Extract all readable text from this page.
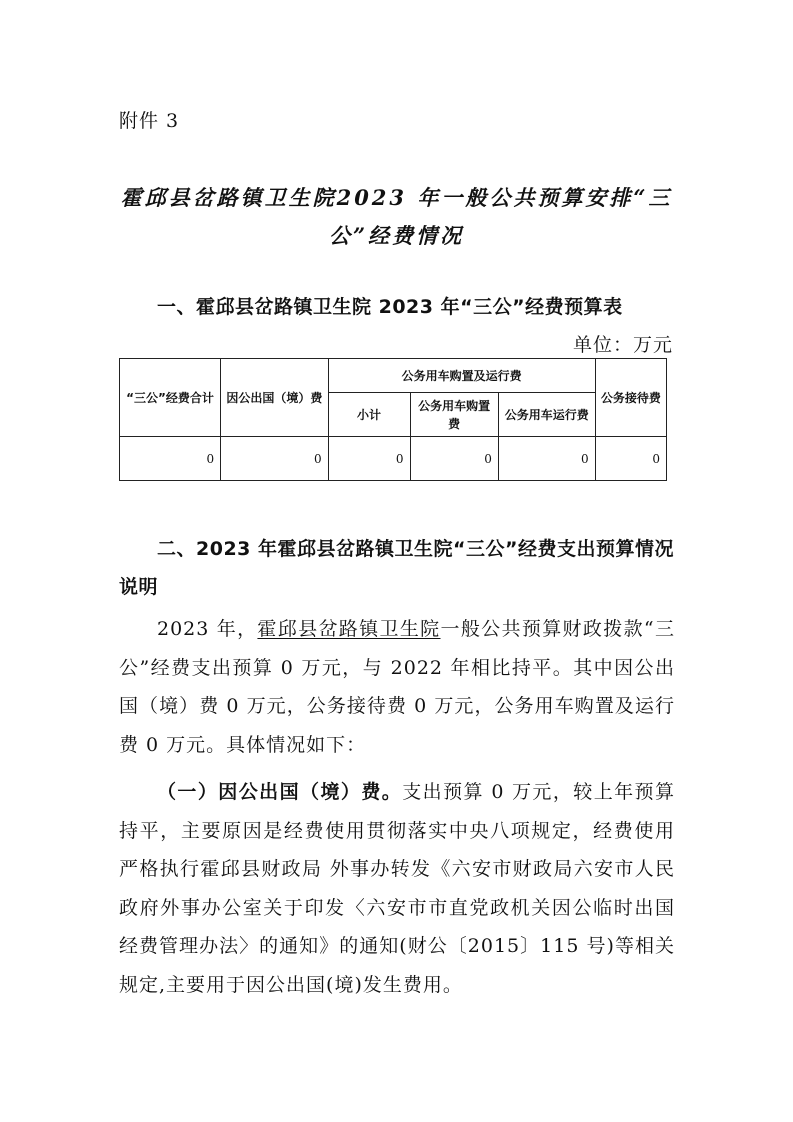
附件 3
霍邱县岔路镇卫生院2023 年一般公共预算安排“三
公”经费情况
一、霍邱县岔路镇卫生院 2023 年“三公”经费预算表
单位：万元
“三公”经费合计	因公出国（境）费	公务用车购置及运行费			公务接待费
		小计	公务用车购置费	公务用车运行费	
0	0	0	0	0	0
二、2023 年霍邱县岔路镇卫生院“三公”经费支出预算情况说明
2023 年，霍邱县岔路镇卫生院一般公共预算财政拨款“三公”经费支出预算 0 万元，与 2022 年相比持平。其中因公出国（境）费 0 万元，公务接待费 0 万元，公务用车购置及运行费 0 万元。具体情况如下：
（一）因公出国（境）费。支出预算 0 万元，较上年预算持平，主要原因是经费使用贯彻落实中央八项规定，经费使用严格执行霍邱县财政局 外事办转发《六安市财政局六安市人民政府外事办公室关于印发〈六安市市直党政机关因公临时出国经费管理办法〉的通知》的通知(财公〔2015〕115 号)等相关规定,主要用于因公出国(境)发生费用。
